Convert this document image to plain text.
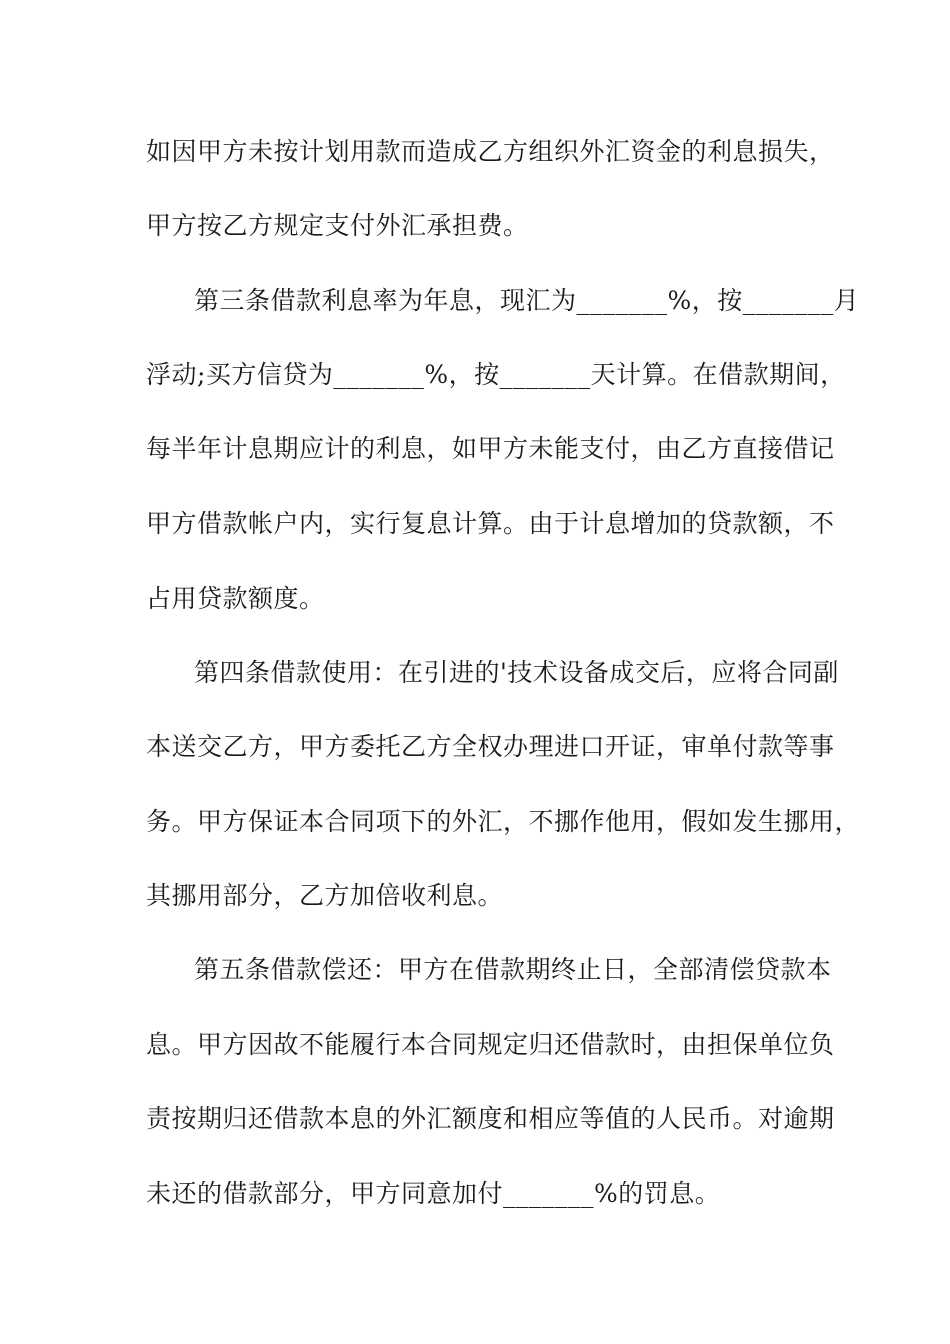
如因甲方未按计划用款而造成乙方组织外汇资金的利息损失，
甲方按乙方规定支付外汇承担费。
第三条借款利息率为年息，现汇为_______%，按_______月
浮动;买方信贷为_______%，按_______天计算。在借款期间，
每半年计息期应计的利息，如甲方未能支付，由乙方直接借记
甲方借款帐户内，实行复息计算。由于计息增加的贷款额，不
占用贷款额度。
第四条借款使用：在引进的'技术设备成交后，应将合同副
本送交乙方，甲方委托乙方全权办理进口开证，审单付款等事
务。甲方保证本合同项下的外汇，不挪作他用，假如发生挪用，
其挪用部分，乙方加倍收利息。
第五条借款偿还：甲方在借款期终止日，全部清偿贷款本
息。甲方因故不能履行本合同规定归还借款时，由担保单位负
责按期归还借款本息的外汇额度和相应等值的人民币。对逾期
未还的借款部分，甲方同意加付_______%的罚息。
